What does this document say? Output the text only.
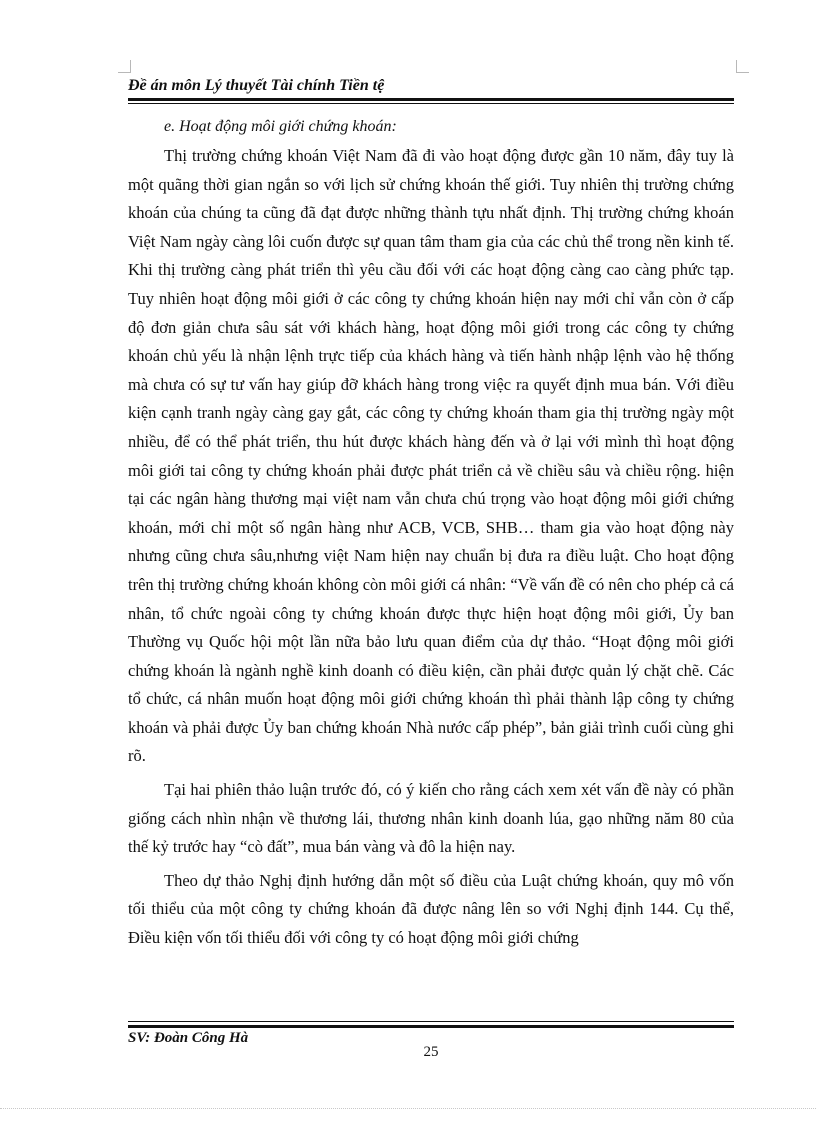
Đề án môn Lý thuyết Tài chính Tiền tệ

e. Hoạt động môi giới chứng khoán:

Thị trường chứng khoán Việt Nam đã đi vào hoạt động được gần 10 năm, đây tuy là một quãng thời gian ngắn so với lịch sử chứng khoán thế giới. Tuy nhiên thị trường chứng khoán của chúng ta cũng đã đạt được những thành tựu nhất định. Thị trường chứng khoán Việt Nam ngày càng lôi cuốn được sự quan tâm tham gia của các chủ thể trong nền kinh tế. Khi thị trường càng phát triển thì yêu cầu đối với các hoạt động càng cao càng phức tạp. Tuy nhiên hoạt động môi giới ở các công ty chứng khoán hiện nay mới chỉ vẫn còn ở cấp độ đơn giản chưa sâu sát với khách hàng, hoạt động môi giới trong các công ty chứng khoán chủ yếu là nhận lệnh trực tiếp của khách hàng và tiến hành nhập lệnh vào hệ thống mà chưa có sự tư vấn hay giúp đỡ khách hàng trong việc ra quyết định mua bán. Với điều kiện cạnh tranh ngày càng gay gắt, các công ty chứng khoán tham gia thị trường ngày một nhiều, để có thể phát triển, thu hút được khách hàng đến và ở lại với mình thì hoạt động môi giới tai công ty chứng khoán phải được phát triển cả về chiều sâu và chiều rộng. hiện tại các ngân hàng thương mại việt nam vẫn chưa chú trọng vào hoạt động môi giới chứng khoán, mới chỉ một số ngân hàng như ACB, VCB, SHB… tham gia vào hoạt động này nhưng cũng chưa sâu,nhưng việt Nam hiện nay chuẩn bị đưa ra điều luật. Cho hoạt động trên thị trường chứng khoán không còn môi giới cá nhân: “Về vấn đề có nên cho phép cả cá nhân, tổ chức ngoài công ty chứng khoán được thực hiện hoạt động môi giới, Ủy ban Thường vụ Quốc hội một lần nữa bảo lưu quan điểm của dự thảo. “Hoạt động môi giới chứng khoán là ngành nghề kinh doanh có điều kiện, cần phải được quản lý chặt chẽ. Các tổ chức, cá nhân muốn hoạt động môi giới chứng khoán thì phải thành lập công ty chứng khoán và phải được Ủy ban chứng khoán Nhà nước cấp phép”, bản giải trình cuối cùng ghi rõ.

Tại hai phiên thảo luận trước đó, có ý kiến cho rằng cách xem xét vấn đề này có phần giống cách nhìn nhận về thương lái, thương nhân kinh doanh lúa, gạo những năm 80 của thế kỷ trước hay “cò đất”, mua bán vàng và đô la hiện nay.

Theo dự thảo Nghị định hướng dẫn một số điều của Luật chứng khoán, quy mô vốn tối thiểu của một công ty chứng khoán đã được nâng lên so với Nghị định 144. Cụ thể, Điều kiện vốn tối thiểu đối với công ty có hoạt động môi giới chứng

SV: Đoàn Công Hà
25
